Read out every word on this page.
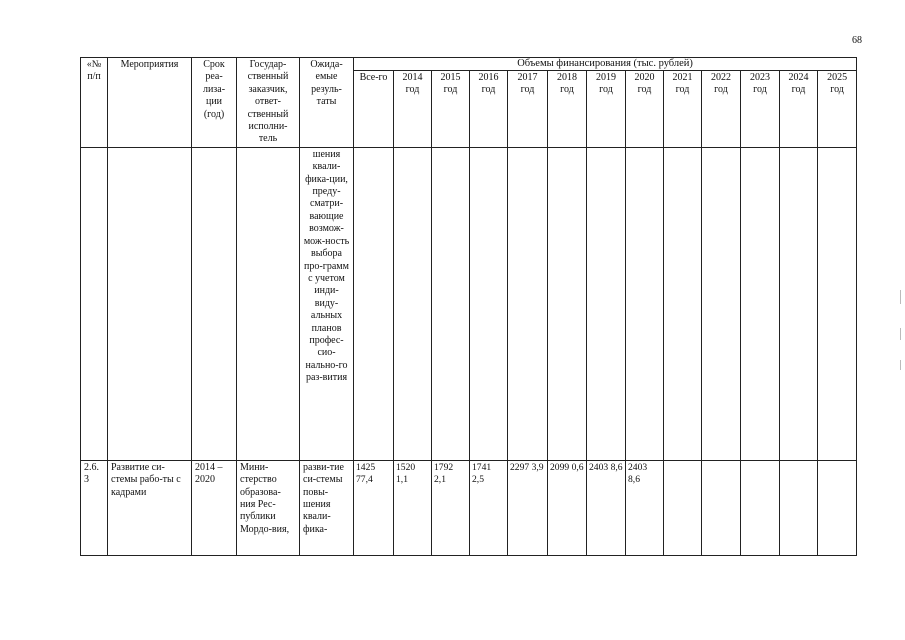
68
«№ п/п	Мероприятия	Срок реа-лиза-ции (год)	Государ-ственный заказчик, ответ-ственный исполни-тель	Ожида-емые резуль-таты	Объемы финансирования (тыс. рублей)												
					Все-го	2014 год	2015 год	2016 год	2017 год	2018 год	2019 год	2020 год	2021 год	2022 год	2023 год	2024 год	2025 год
				шения квали-фика-ции, преду-сматри-вающие возмож-мож-ность выбора про-грамм с учетом инди-виду-альных планов профес-сио-нально-го раз-вития													
2.6. 3	Развитие си-стемы рабо-ты с кадрами	2014 – 2020	Мини-стерство образова-ния Рес-публики Мордо-вия,	разви-тие си-стемы повы-шения квали-фика-	1425 77,4	1520 1,1	1792 2,1	1741 2,5	2297 3,9	2099 0,6	2403 8,6	2403 8,6					
